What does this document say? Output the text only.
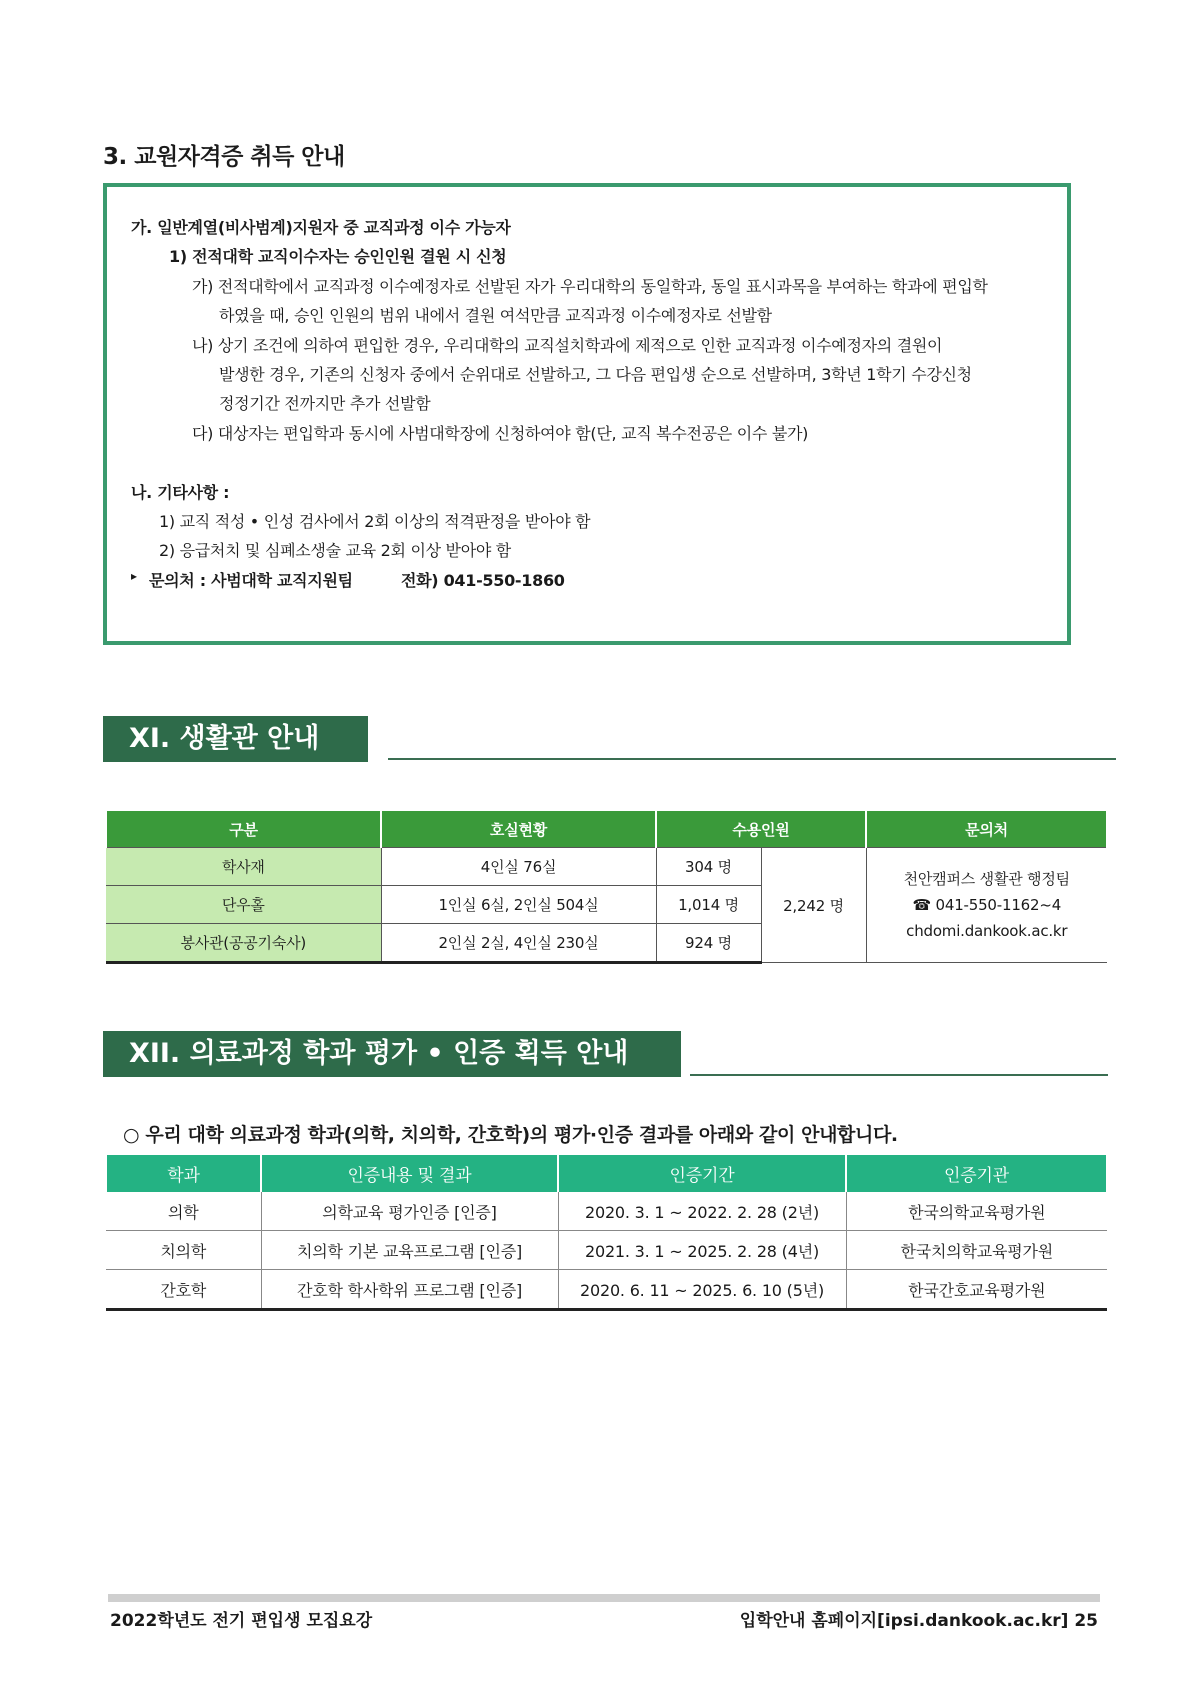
3. 교원자격증 취득 안내
가. 일반계열(비사범계)지원자 중 교직과정 이수 가능자
1) 전적대학 교직이수자는 승인인원 결원 시 신청
가) 전적대학에서 교직과정 이수예정자로 선발된 자가 우리대학의 동일학과, 동일 표시과목을 부여하는 학과에 편입학
하였을 때, 승인 인원의 범위 내에서 결원 여석만큼 교직과정 이수예정자로 선발함
나) 상기 조건에 의하여 편입한 경우, 우리대학의 교직설치학과에 제적으로 인한 교직과정 이수예정자의 결원이
발생한 경우, 기존의 신청자 중에서 순위대로 선발하고, 그 다음 편입생 순으로 선발하며, 3학년 1학기 수강신청
정정기간 전까지만 추가 선발함
다) 대상자는 편입학과 동시에 사범대학장에 신청하여야 함(단, 교직 복수전공은 이수 불가)
나. 기타사항 :
1) 교직 적성 • 인성 검사에서 2회 이상의 적격판정을 받아야 함
2) 응급처치 및 심폐소생술 교육 2회 이상 받아야 함
▸ 문의처 : 사범대학 교직지원팀	전화) 041-550-1860
XI. 생활관 안내
구분	호실현황	수용인원		문의처
학사재	4인실 76실	304 명	2,242 명	천안캠퍼스 생활관 행정팀
☎ 041-550-1162~4
chdomi.dankook.ac.kr

단우홀	1인실 6실, 2인실 504실	1,014 명		
봉사관(공공기숙사)	2인실 2실, 4인실 230실	924 명		
XII. 의료과정 학과 평가 • 인증 획득 안내
○ 우리 대학 의료과정 학과(의학, 치의학, 간호학)의 평가·인증 결과를 아래와 같이 안내합니다.
학과	인증내용 및 결과	인증기간	인증기관
의학	의학교육 평가인증 [인증]	2020. 3. 1 ~ 2022. 2. 28 (2년)	한국의학교육평가원
치의학	치의학 기본 교육프로그램 [인증]	2021. 3. 1 ~ 2025. 2. 28 (4년)	한국치의학교육평가원
간호학	간호학 학사학위 프로그램 [인증]	2020. 6. 11 ~ 2025. 6. 10 (5년)	한국간호교육평가원
2022학년도 전기 편입생 모집요강	입학안내 홈페이지[ipsi.dankook.ac.kr] 25
